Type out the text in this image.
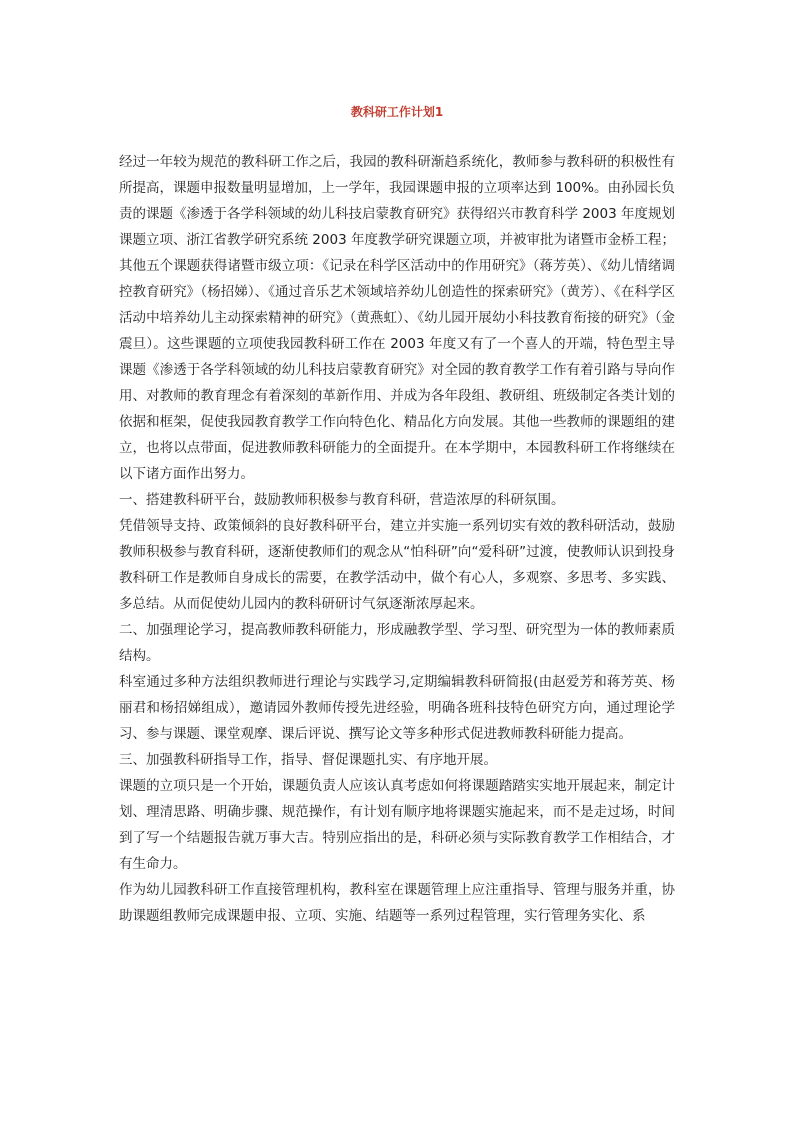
教科研工作计划1

经过一年较为规范的教科研工作之后，我园的教科研渐趋系统化，教师参与教科研的积极性有所提高，课题申报数量明显增加，上一学年，我园课题申报的立项率达到 100%。由孙园长负责的课题《渗透于各学科领域的幼儿科技启蒙教育研究》获得绍兴市教育科学 2003 年度规划课题立项、浙江省教学研究系统 2003 年度教学研究课题立项，并被审批为诸暨市金桥工程；其他五个课题获得诸暨市级立项：《记录在科学区活动中的作用研究》（蒋芳英）、《幼儿情绪调控教育研究》（杨招娣）、《通过音乐艺术领域培养幼儿创造性的探索研究》（黄芳）、《在科学区活动中培养幼儿主动探索精神的研究》（黄燕虹）、《幼儿园开展幼小科技教育衔接的研究》（金震旦）。这些课题的立项使我园教科研工作在 2003 年度又有了一个喜人的开端，特色型主导课题《渗透于各学科领域的幼儿科技启蒙教育研究》对全园的教育教学工作有着引路与导向作用、对教师的教育理念有着深刻的革新作用、并成为各年段组、教研组、班级制定各类计划的依据和框架，促使我园教育教学工作向特色化、精品化方向发展。其他一些教师的课题组的建立，也将以点带面，促进教师教科研能力的全面提升。在本学期中，本园教科研工作将继续在以下诸方面作出努力。

一、搭建教科研平台，鼓励教师积极参与教育科研，营造浓厚的科研氛围。

凭借领导支持、政策倾斜的良好教科研平台，建立并实施一系列切实有效的教科研活动，鼓励教师积极参与教育科研，逐渐使教师们的观念从“怕科研”向“爱科研”过渡，使教师认识到投身教科研工作是教师自身成长的需要，在教学活动中，做个有心人，多观察、多思考、多实践、多总结。从而促使幼儿园内的教科研研讨气氛逐渐浓厚起来。

二、加强理论学习，提高教师教科研能力，形成融教学型、学习型、研究型为一体的教师素质结构。

科室通过多种方法组织教师进行理论与实践学习,定期编辑教科研简报(由赵爱芳和蒋芳英、杨丽君和杨招娣组成），邀请园外教师传授先进经验，明确各班科技特色研究方向，通过理论学习、参与课题、课堂观摩、课后评说、撰写论文等多种形式促进教师教科研能力提高。

三、加强教科研指导工作，指导、督促课题扎实、有序地开展。

课题的立项只是一个开始，课题负责人应该认真考虑如何将课题踏踏实实地开展起来，制定计划、理清思路、明确步骤、规范操作，有计划有顺序地将课题实施起来，而不是走过场，时间到了写一个结题报告就万事大吉。特别应指出的是，科研必须与实际教育教学工作相结合，才有生命力。

作为幼儿园教科研工作直接管理机构，教科室在课题管理上应注重指导、管理与服务并重，协助课题组教师完成课题申报、立项、实施、结题等一系列过程管理，实行管理务实化、系
